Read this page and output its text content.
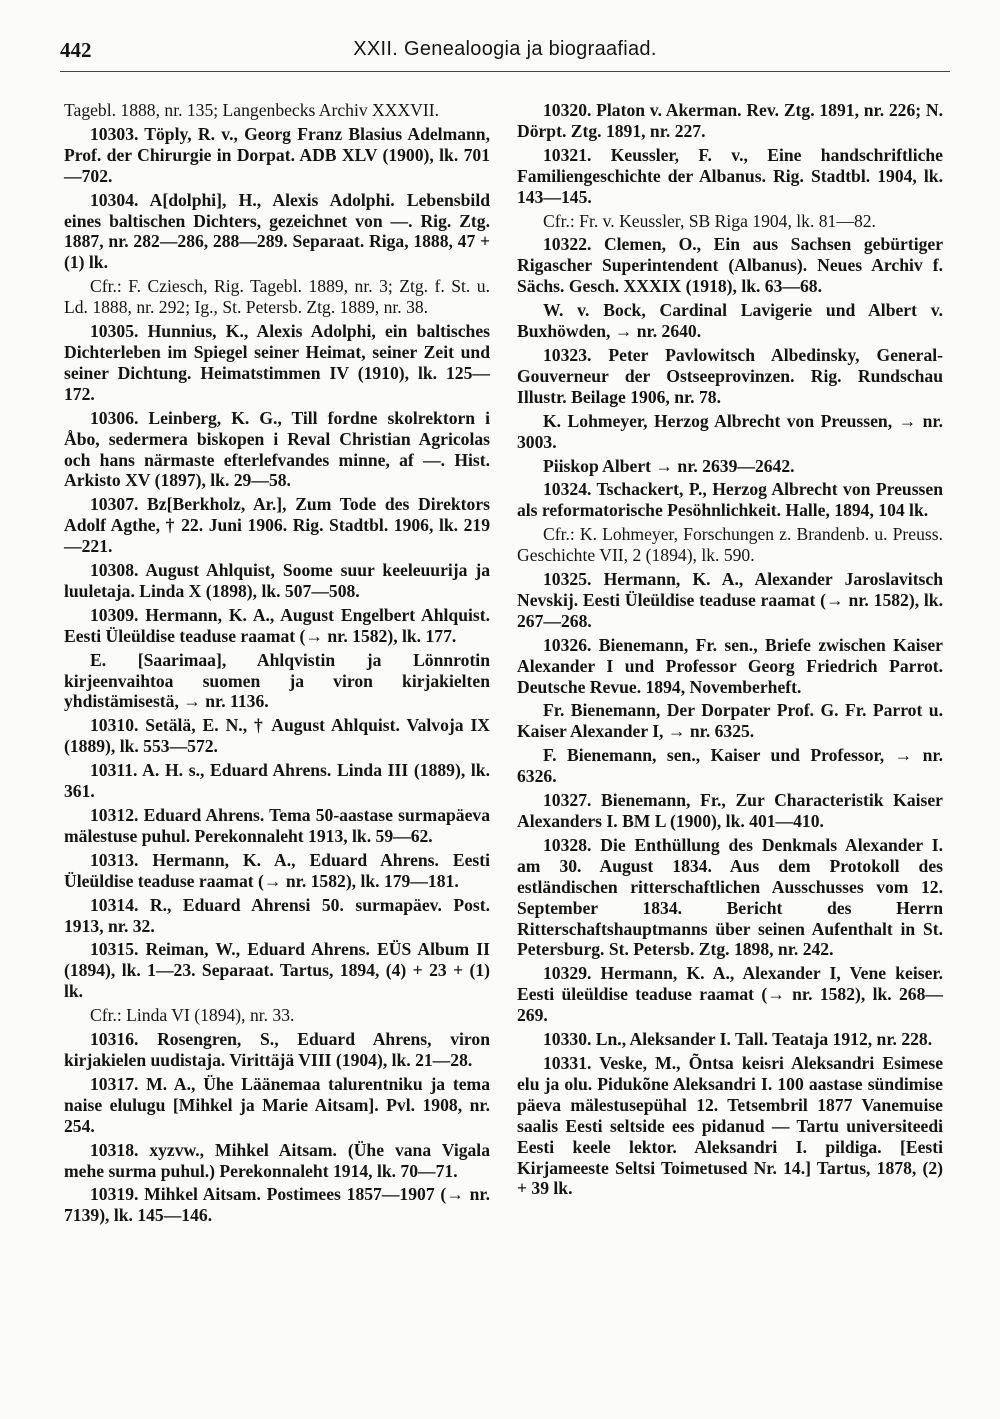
442	XXII. Genealoogia ja biograafiad.

Tagebl. 1888, nr. 135; Langenbecks Archiv XXXVII.

10303. Töply, R. v., Georg Franz Blasius Adelmann, Prof. der Chirurgie in Dorpat. ADB XLV (1900), lk. 701—702.

10304. A[dolphi], H., Alexis Adolphi. Lebensbild eines baltischen Dichters, gezeichnet von —. Rig. Ztg. 1887, nr. 282—286, 288—289. Separaat. Riga, 1888, 47 + (1) lk.

Cfr.: F. Cziesch, Rig. Tagebl. 1889, nr. 3; Ztg. f. St. u. Ld. 1888, nr. 292; Ig., St. Petersb. Ztg. 1889, nr. 38.

10305. Hunnius, K., Alexis Adolphi, ein baltisches Dichterleben im Spiegel seiner Heimat, seiner Zeit und seiner Dichtung. Heimatstimmen IV (1910), lk. 125—172.

10306. Leinberg, K. G., Till fordne skolrektorn i Åbo, sedermera biskopen i Reval Christian Agricolas och hans närmaste efterlefvandes minne, af —. Hist. Arkisto XV (1897), lk. 29—58.

10307. Bz[Berkholz, Ar.], Zum Tode des Direktors Adolf Agthe, † 22. Juni 1906. Rig. Stadtbl. 1906, lk. 219—221.

10308. August Ahlquist, Soome suur keeleuurija ja luuletaja. Linda X (1898), lk. 507—508.

10309. Hermann, K. A., August Engelbert Ahlquist. Eesti Üleüldise teaduse raamat (→ nr. 1582), lk. 177.

E. [Saarimaa], Ahlqvistin ja Lönnrotin kirjeenvaihtoa suomen ja viron kirjakielten yhdistämisestä, → nr. 1136.

10310. Setälä, E. N., † August Ahlquist. Valvoja IX (1889), lk. 553—572.

10311. A. H. s., Eduard Ahrens. Linda III (1889), lk. 361.

10312. Eduard Ahrens. Tema 50-aastase surmapäeva mälestuse puhul. Perekonnaleht 1913, lk. 59—62.

10313. Hermann, K. A., Eduard Ahrens. Eesti Üleüldise teaduse raamat (→ nr. 1582), lk. 179—181.

10314. R., Eduard Ahrensi 50. surmapäev. Post. 1913, nr. 32.

10315. Reiman, W., Eduard Ahrens. EÜS Album II (1894), lk. 1—23. Separaat. Tartus, 1894, (4) + 23 + (1) lk.

Cfr.: Linda VI (1894), nr. 33.

10316. Rosengren, S., Eduard Ahrens, viron kirjakielen uudistaja. Virittäjä VIII (1904), lk. 21—28.

10317. M. A., Ühe Läänemaa talurentniku ja tema naise elulugu [Mihkel ja Marie Aitsam]. Pvl. 1908, nr. 254.

10318. xyzvw., Mihkel Aitsam. (Ühe vana Vigala mehe surma puhul.) Perekonnaleht 1914, lk. 70—71.

10319. Mihkel Aitsam. Postimees 1857—1907 (→ nr. 7139), lk. 145—146.

10320. Platon v. Akerman. Rev. Ztg. 1891, nr. 226; N. Dörpt. Ztg. 1891, nr. 227.

10321. Keussler, F. v., Eine handschriftliche Familiengeschichte der Albanus. Rig. Stadtbl. 1904, lk. 143—145.

Cfr.: Fr. v. Keussler, SB Riga 1904, lk. 81—82.

10322. Clemen, O., Ein aus Sachsen gebürtiger Rigascher Superintendent (Albanus). Neues Archiv f. Sächs. Gesch. XXXIX (1918), lk. 63—68.

W. v. Bock, Cardinal Lavigerie und Albert v. Buxhöwden, → nr. 2640.

10323. Peter Pavlowitsch Albedinsky, General-Gouverneur der Ostseeprovinzen. Rig. Rundschau Illustr. Beilage 1906, nr. 78.

K. Lohmeyer, Herzog Albrecht von Preussen, → nr. 3003.

Piiskop Albert → nr. 2639—2642.

10324. Tschackert, P., Herzog Albrecht von Preussen als reformatorische Pesöhnlichkeit. Halle, 1894, 104 lk.

Cfr.: K. Lohmeyer, Forschungen z. Brandenb. u. Preuss. Geschichte VII, 2 (1894), lk. 590.

10325. Hermann, K. A., Alexander Jaroslavitsch Nevskij. Eesti Üleüldise teaduse raamat (→ nr. 1582), lk. 267—268.

10326. Bienemann, Fr. sen., Briefe zwischen Kaiser Alexander I und Professor Georg Friedrich Parrot. Deutsche Revue. 1894, Novemberheft.

Fr. Bienemann, Der Dorpater Prof. G. Fr. Parrot u. Kaiser Alexander I, → nr. 6325.

F. Bienemann, sen., Kaiser und Professor, → nr. 6326.

10327. Bienemann, Fr., Zur Characteristik Kaiser Alexanders I. BM L (1900), lk. 401—410.

10328. Die Enthüllung des Denkmals Alexander I. am 30. August 1834. Aus dem Protokoll des estländischen ritterschaftlichen Ausschusses vom 12. September 1834. Bericht des Herrn Ritterschaftshauptmanns über seinen Aufenthalt in St. Petersburg. St. Petersb. Ztg. 1898, nr. 242.

10329. Hermann, K. A., Alexander I, Vene keiser. Eesti üleüldise teaduse raamat (→ nr. 1582), lk. 268—269.

10330. Ln., Aleksander I. Tall. Teataja 1912, nr. 228.

10331. Veske, M., Õntsa keisri Aleksandri Esimese elu ja olu. Pidukõne Aleksandri I. 100 aastase sündimise päeva mälestusepühal 12. Tetsembril 1877 Vanemuise saalis Eesti seltside ees pidanud — Tartu universiteedi Eesti keele lektor. Aleksandri I. pildiga. [Eesti Kirjameeste Seltsi Toimetused Nr. 14.] Tartus, 1878, (2) + 39 lk.
